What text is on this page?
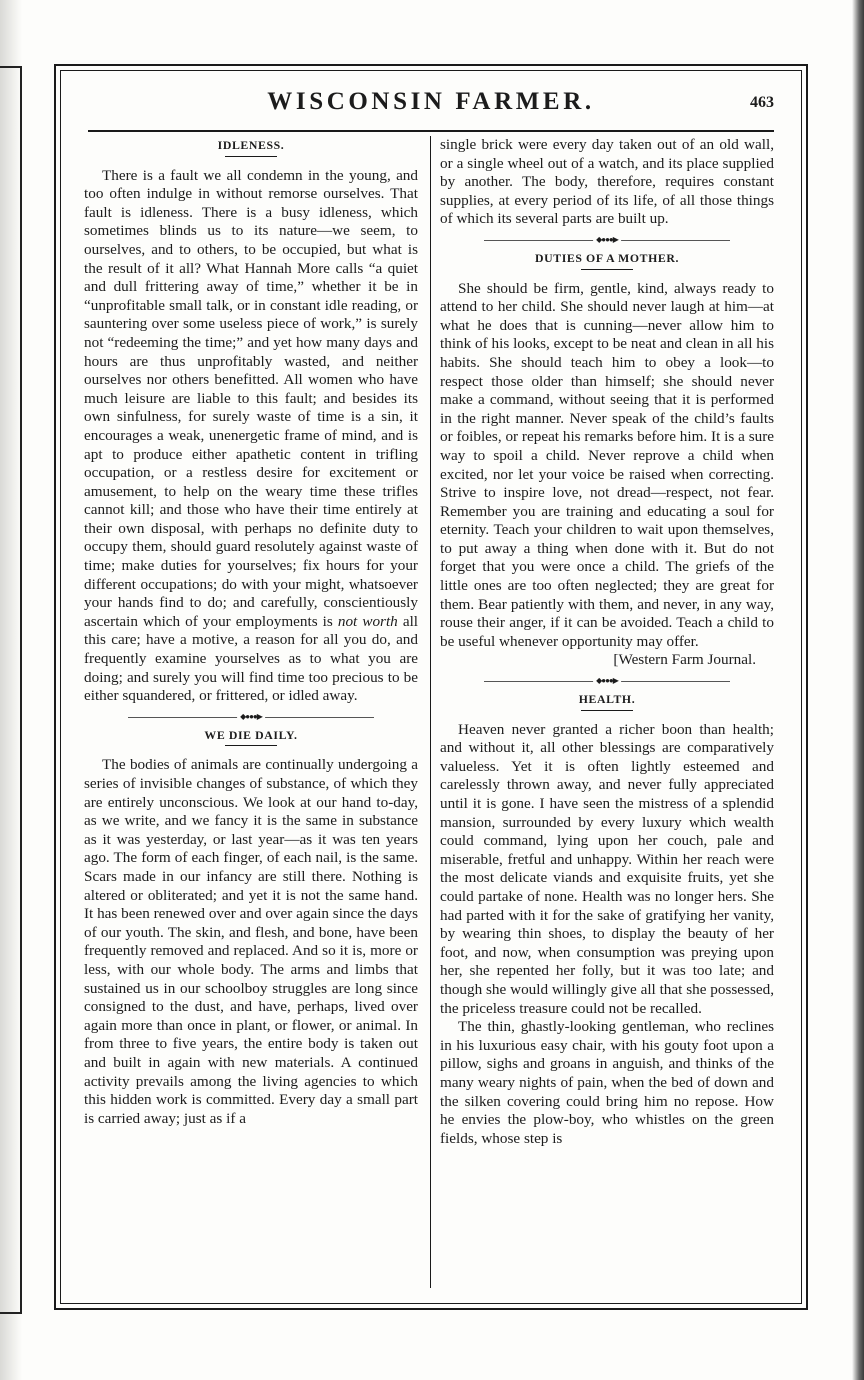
WISCONSIN FARMER.	463
IDLENESS.

There is a fault we all condemn in the young, and too often indulge in without remorse ourselves. That fault is idleness. There is a busy idleness, which sometimes blinds us to its nature—we seem, to ourselves, and to others, to be occupied, but what is the result of it all? What Hannah More calls “a quiet and dull frittering away of time,” whether it be in “unprofitable small talk, or in constant idle reading, or sauntering over some useless piece of work,” is surely not “redeeming the time;” and yet how many days and hours are thus unprofitably wasted, and neither ourselves nor others benefitted. All women who have much leisure are liable to this fault; and besides its own sinfulness, for surely waste of time is a sin, it encourages a weak, unenergetic frame of mind, and is apt to produce either apathetic content in trifling occupation, or a restless desire for excitement or amusement, to help on the weary time these trifles cannot kill; and those who have their time entirely at their own disposal, with perhaps no definite duty to occupy them, should guard resolutely against waste of time; make duties for yourselves; fix hours for your different occupations; do with your might, whatsoever your hands find to do; and carefully, conscientiously ascertain which of your employments is not worth all this care; have a motive, a reason for all you do, and frequently examine yourselves as to what you are doing; and surely you will find time too precious to be either squandered, or frittered, or idled away.

◆●●●▶
WE DIE DAILY.

The bodies of animals are continually undergoing a series of invisible changes of substance, of which they are entirely unconscious. We look at our hand to-day, as we write, and we fancy it is the same in substance as it was yesterday, or last year—as it was ten years ago. The form of each finger, of each nail, is the same. Scars made in our infancy are still there. Nothing is altered or obliterated; and yet it is not the same hand. It has been renewed over and over again since the days of our youth. The skin, and flesh, and bone, have been frequently removed and replaced. And so it is, more or less, with our whole body. The arms and limbs that sustained us in our schoolboy struggles are long since consigned to the dust, and have, perhaps, lived over again more than once in plant, or flower, or animal. In from three to five years, the entire body is taken out and built in again with new materials. A continued activity prevails among the living agencies to which this hidden work is committed. Every day a small part is carried away; just as if a

single brick were every day taken out of an old wall, or a single wheel out of a watch, and its place supplied by another. The body, therefore, requires constant supplies, at every period of its life, of all those things of which its several parts are built up.

◆●●●▶
DUTIES OF A MOTHER.

She should be firm, gentle, kind, always ready to attend to her child. She should never laugh at him—at what he does that is cunning—never allow him to think of his looks, except to be neat and clean in all his habits. She should teach him to obey a look—to respect those older than himself; she should never make a command, without seeing that it is performed in the right manner. Never speak of the child’s faults or foibles, or repeat his remarks before him. It is a sure way to spoil a child. Never reprove a child when excited, nor let your voice be raised when correcting. Strive to inspire love, not dread—respect, not fear. Remember you are training and educating a soul for eternity. Teach your children to wait upon themselves, to put away a thing when done with it. But do not forget that you were once a child. The griefs of the little ones are too often neglected; they are great for them. Bear patiently with them, and never, in any way, rouse their anger, if it can be avoided. Teach a child to be useful whenever opportunity may offer.

[Western Farm Journal.

◆●●●▶
HEALTH.

Heaven never granted a richer boon than health; and without it, all other blessings are comparatively valueless. Yet it is often lightly esteemed and carelessly thrown away, and never fully appreciated until it is gone. I have seen the mistress of a splendid mansion, surrounded by every luxury which wealth could command, lying upon her couch, pale and miserable, fretful and unhappy. Within her reach were the most delicate viands and exquisite fruits, yet she could partake of none. Health was no longer hers. She had parted with it for the sake of gratifying her vanity, by wearing thin shoes, to display the beauty of her foot, and now, when consumption was preying upon her, she repented her folly, but it was too late; and though she would willingly give all that she possessed, the priceless treasure could not be recalled.

The thin, ghastly-looking gentleman, who reclines in his luxurious easy chair, with his gouty foot upon a pillow, sighs and groans in anguish, and thinks of the many weary nights of pain, when the bed of down and the silken covering could bring him no repose. How he envies the plow-boy, who whistles on the green fields, whose step is
